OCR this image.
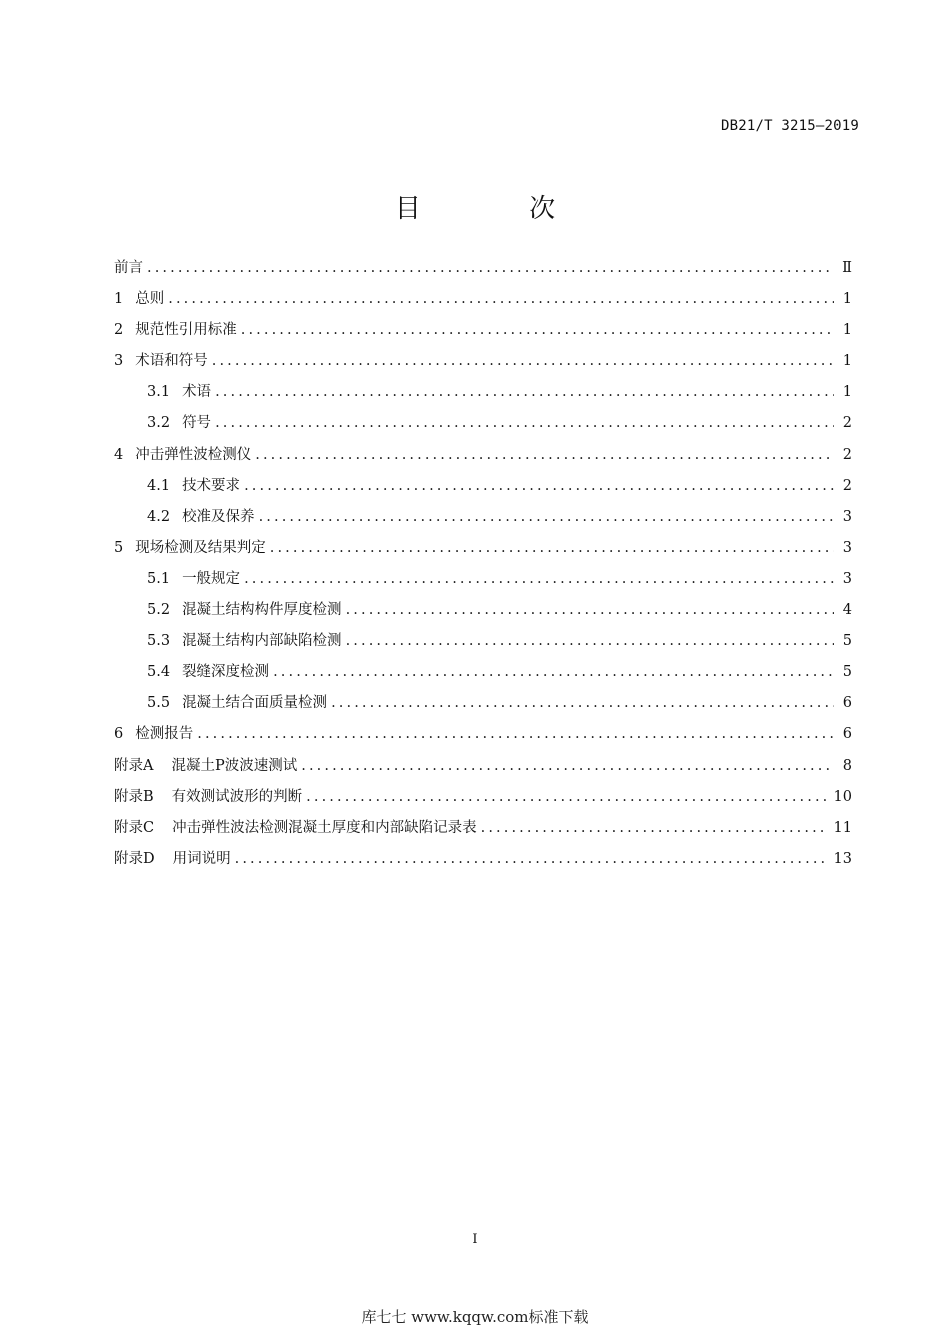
DB21/T 3215—2019
目 次
前言 .....	Ⅱ
1 总则 .....	1
2 规范性引用标准 .....	1
3 术语和符号 .....	1
3.1 术语 .....	1
3.2 符号 .....	2
4 冲击弹性波检测仪 .....	2
4.1 技术要求 .....	2
4.2 校准及保养 .....	3
5 现场检测及结果判定 .....	3
5.1 一般规定 .....	3
5.2 混凝土结构构件厚度检测 .....	4
5.3 混凝土结构内部缺陷检测 .....	5
5.4 裂缝深度检测 .....	5
5.5 混凝土结合面质量检测 .....	6
6 检测报告 .....	6
附录A 混凝土P波波速测试 .....	8
附录B 有效测试波形的判断 .....	10
附录C 冲击弹性波法检测混凝土厚度和内部缺陷记录表 .....	11
附录D 用词说明 .....	13
I
库七七 www.kqqw.com标准下载
